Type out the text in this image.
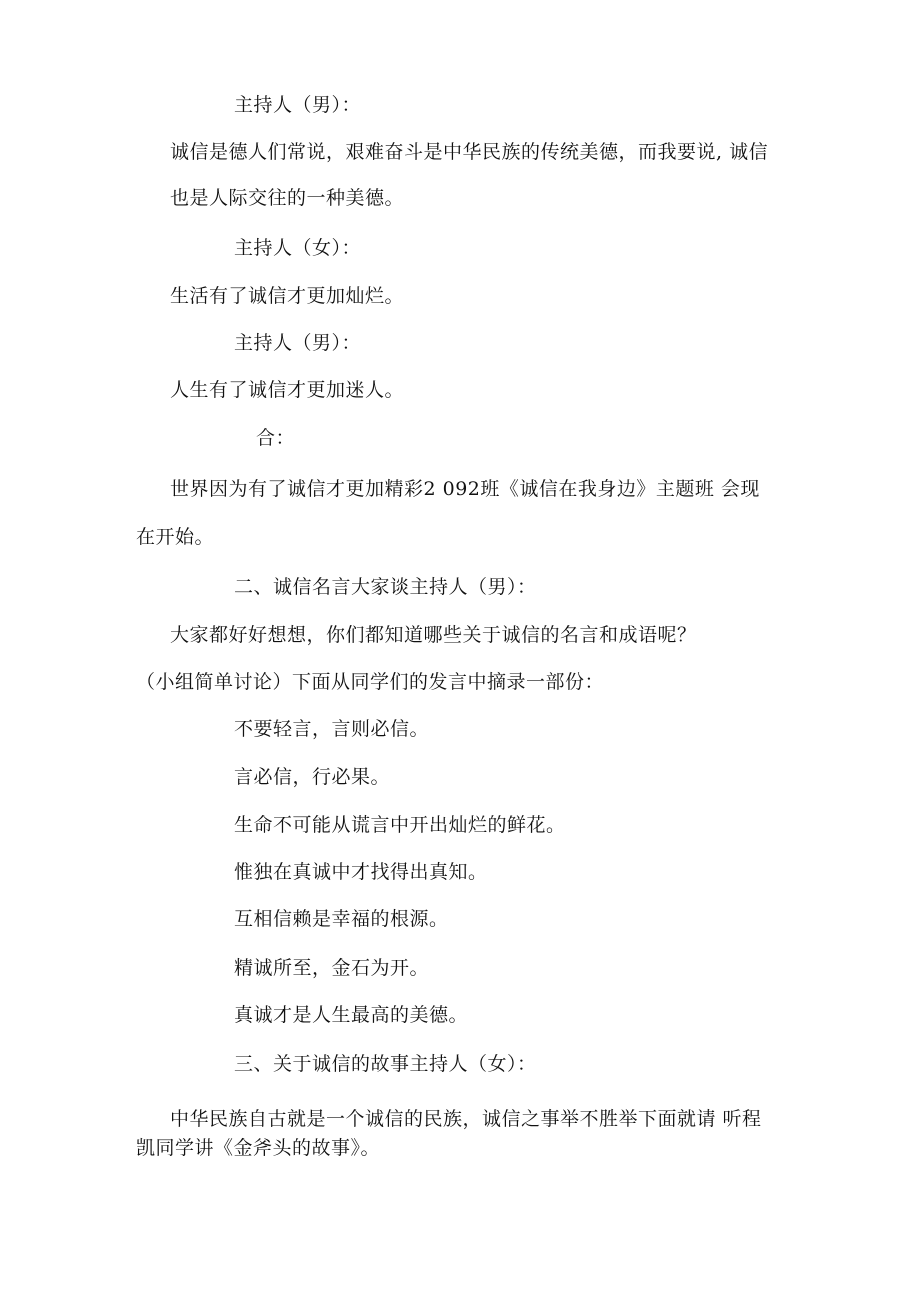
主持人（男）：
诚信是德人们常说，艰难奋斗是中华民族的传统美德，而我要说, 诚信
也是人际交往的一种美德。
主持人（女）：
生活有了诚信才更加灿烂。
主持人（男）：
人生有了诚信才更加迷人。
合：
世界因为有了诚信才更加精彩2 092班《诚信在我身边》主题班 会现
在开始。
二、诚信名言大家谈主持人（男）：
大家都好好想想，你们都知道哪些关于诚信的名言和成语呢？
（小组简单讨论）下面从同学们的发言中摘录一部份：
不要轻言，言则必信。
言必信，行必果。
生命不可能从谎言中开出灿烂的鲜花。
惟独在真诚中才找得出真知。
互相信赖是幸福的根源。
精诚所至，金石为开。
真诚才是人生最高的美德。
三、关于诚信的故事主持人（女）：
中华民族自古就是一个诚信的民族，诚信之事举不胜举下面就请 听程
凯同学讲《金斧头的故事》。
